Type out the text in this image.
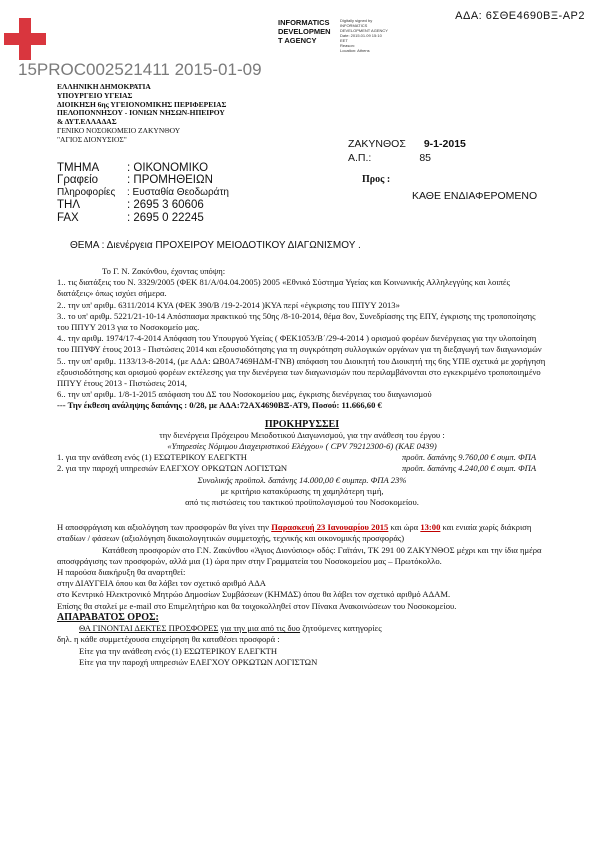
ΑΔΑ: 6ΣΘΕ4690ΒΞ-ΑΡ2
INFORMATICS
DEVELOPMEN
T AGENCY
Digitally signed by
INFORMATICS
DEVELOPMENT AGENCY
Date: 2015.01.09 15:10
EET
Reason:
Location: Athens
15PROC002521411 2015-01-09
ΕΛΛΗΝΙΚΗ ΔΗΜΟΚΡΑΤΙΑ
ΥΠΟΥΡΓΕΙΟ ΥΓΕΙΑΣ
ΔΙΟΙΚΗΣΗ 6ης ΥΓΕΙΟΝΟΜΙΚΗΣ ΠΕΡΙΦΕΡΕΙΑΣ
ΠΕΛΟΠΟΝΝΗΣΟΥ - ΙΟΝΙΩΝ ΝΗΣΩΝ-ΗΠΕΙΡΟΥ
& ΔΥΤ.ΕΛΛΑΔΑΣ
ΓΕΝΙΚΟ ΝΟΣΟΚΟΜΕΙΟ ΖΑΚΥΝΘΟΥ
"ΑΓΙΟΣ ΔΙΟΝΥΣΙΟΣ"
ΤΜΗΜΑ : ΟΙΚΟΝΟΜΙΚΟ
Γραφείο	: ΠΡΟΜΗΘΕΙΩΝ
Πληροφορίες : Ευσταθία Θεοδωράτη
ΤΗΛ	: 2695 3 60606
FAX	: 2695 0 22245
ΖΑΚΥΝΘΟΣ 9-1-2015
Α.Π.:	85
Προς :
ΚΑΘΕ ΕΝΔΙΑΦΕΡΟΜΕΝΟ
ΘΕΜΑ : Διενέργεια ΠΡΟΧΕΙΡΟΥ ΜΕΙΟΔΟΤΙΚΟΥ ΔΙΑΓΩΝΙΣΜΟΥ .

Το Γ. Ν. Ζακύνθου, έχοντας υπόψη:

1.. τις διατάξεις του Ν. 3329/2005 (ΦΕΚ 81/Α/04.04.2005) 2005 «Εθνικό Σύστημα Υγείας και Κοινωνικής Αλληλεγγύης και λοιπές διατάξεις» όπως ισχύει σήμερα.

2.. την υπ' αριθμ. 6311/2014 ΚΥΑ (ΦΕΚ 390/Β /19-2-2014 )ΚΥΑ περί «έγκρισης του ΠΠΥΥ 2013»

3.. το υπ' αριθμ. 5221/21-10-14 Απόσπασμα πρακτικού της 50ης /8-10-2014, θέμα 8ον, Συνεδρίασης της ΕΠΥ, έγκρισης της τροποποίησης του ΠΠΥΥ 2013 για το Νοσοκομείο μας.

4.. την αριθμ. 1974/17-4-2014 Απόφαση του Υπουργού Υγείας ( ΦΕΚ1053/Β΄/29-4-2014 ) ορισμού φορέων διενέργειας για την υλοποίηση του ΠΠΥΦΥ έτους 2013 - Πιστώσεις 2014 και εξουσιοδότησης για τη συγκρότηση συλλογικών οργάνων για τη διεξαγωγή των διαγωνισμών

5.. την υπ' αριθμ. 1133/13-8-2014, (με ΑΔΑ: ΩΒ0Α7469ΗΔΜ-ΓΝΒ) απόφαση του Διοικητή του Διοικητή της 6ης ΥΠΕ σχετικά με χορήγηση εξουσιοδότησης και ορισμού φορέων εκτέλεσης για την διενέργεια των διαγωνισμών που περιλαμβάνονται στο εγκεκριμένο τροποποιημένο ΠΠΥΥ έτους 2013 - Πιστώσεις 2014,

6.. την υπ' αριθμ. 1/8-1-2015 απόφαση του ΔΣ του Νοσοκομείου μας, έγκρισης διενέργειας του διαγωνισμού

--- Την έκθεση ανάληψης δαπάνης : 0/28, με ΑΔΑ:72ΑΧ4690ΒΞ-ΑΤ9, Ποσού: 11.666,60 €

ΠΡΟΚΗΡΥΣΣΕΙ

την διενέργεια Πρόχειρου Μειοδοτικού Διαγωνισμού, για την ανάθεση του έργου :

«Υπηρεσίες Νόμιμου Διαχειριστικού Ελέγχου» ( CPV 79212300-6) (ΚΑΕ 0439)

1. για την ανάθεση ενός (1) ΕΣΩΤΕΡΙΚΟΥ ΕΛΕΓΚΤΗ	προϋπ. δαπάνης 9.760,00 € συμπ. ΦΠΑ

2. για την παροχή υπηρεσιών ΕΛΕΓΧΟΥ ΟΡΚΩΤΩΝ ΛΟΓΙΣΤΩΝ	προϋπ. δαπάνης 4.240,00 € συμπ. ΦΠΑ

Συνολικής προϋπολ. δαπάνης 14.000,00 € συμπερ. ΦΠΑ 23%

με κριτήριο κατακύρωσης τη χαμηλότερη τιμή,

από τις πιστώσεις του τακτικού προϋπολογισμού του Νοσοκομείου.

Η αποσφράγιση και αξιολόγηση των προσφορών θα γίνει την Παρασκευή 23 Ιανουαρίου 2015 και ώρα 13:00 και ενιαία χωρίς διάκριση σταδίων / φάσεων (αξιολόγηση δικαιολογητικών συμμετοχής, τεχνικής και οικονομικής προσφοράς)

Κατάθεση προσφορών στο Γ.Ν. Ζακύνθου «Άγιος Διονύσιος» οδός: Γαϊτάνι, ΤΚ 291 00 ΖΑΚΥΝΘΟΣ μέχρι και την ίδια ημέρα αποσφράγισης των προσφορών, αλλά μια (1) ώρα πριν στην Γραμματεία του Νοσοκομείου μας – Πρωτόκολλο.

Η παρούσα διακήρυξη θα αναρτηθεί:

στην ΔΙΑΥΓΕΙΑ όπου και θα λάβει τον σχετικό αριθμό ΑΔΑ

στο Κεντρικό Ηλεκτρονικό Μητρώο Δημοσίων Συμβάσεων (ΚΗΜΔΣ) όπου θα λάβει τον σχετικό αριθμό ΑΔΑΜ.

Επίσης θα σταλεί με e-mail στο Επιμελητήριο και θα τοιχοκολληθεί στον Πίνακα Ανακοινώσεων του Νοσοκομείου.

ΑΠΑΡΑΒΑΤΟΣ ΟΡΟΣ:

ΘΑ ΓΙΝΟΝΤΑΙ ΔΕΚΤΕΣ ΠΡΟΣΦΟΡΕΣ για την μια από τις δυο ζητούμενες κατηγορίες

δηλ. η κάθε συμμετέχουσα επιχείρηση θα καταθέσει προσφορά :

Είτε για την ανάθεση ενός (1) ΕΣΩΤΕΡΙΚΟΥ ΕΛΕΓΚΤΗ

Είτε για την παροχή υπηρεσιών ΕΛΕΓΧΟΥ ΟΡΚΩΤΩΝ ΛΟΓΙΣΤΩΝ
